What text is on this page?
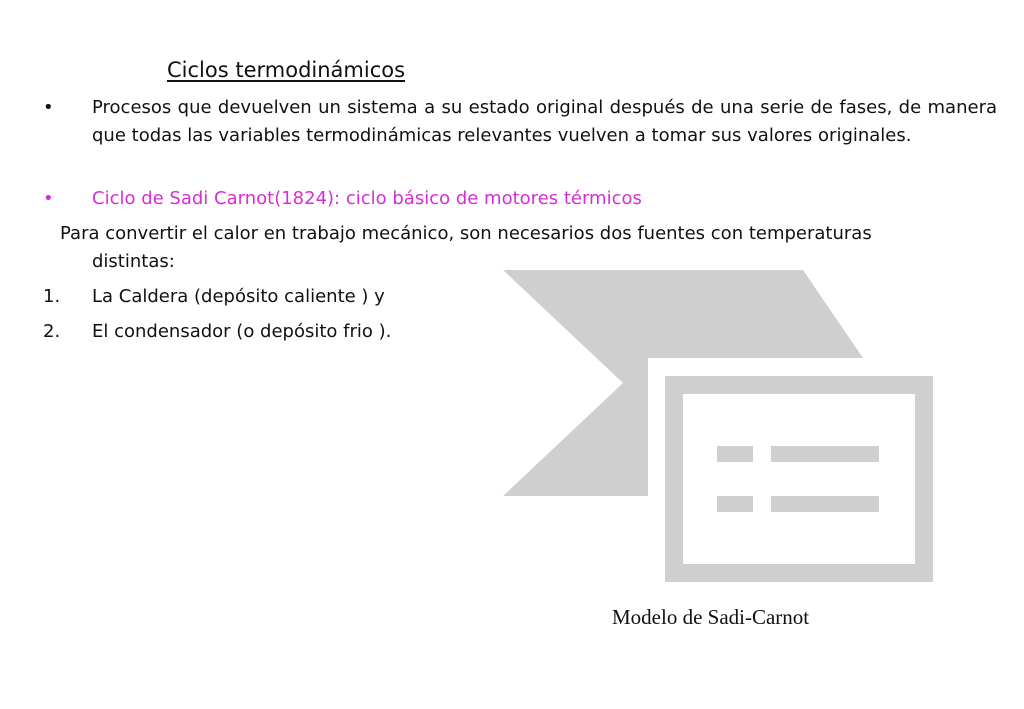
Ciclos termodinámicos
• Procesos que devuelven un sistema a su estado original después de una serie de fases, de manera que todas las variables termodinámicas relevantes vuelven a tomar sus valores originales.
• Ciclo de Sadi Carnot(1824): ciclo básico de motores térmicos
Para convertir el calor en trabajo mecánico, son necesarios dos fuentes con temperaturas
distintas:
1. La Caldera (depósito caliente ) y
2. El condensador (o depósito frio ).
Modelo de Sadi-Carnot
